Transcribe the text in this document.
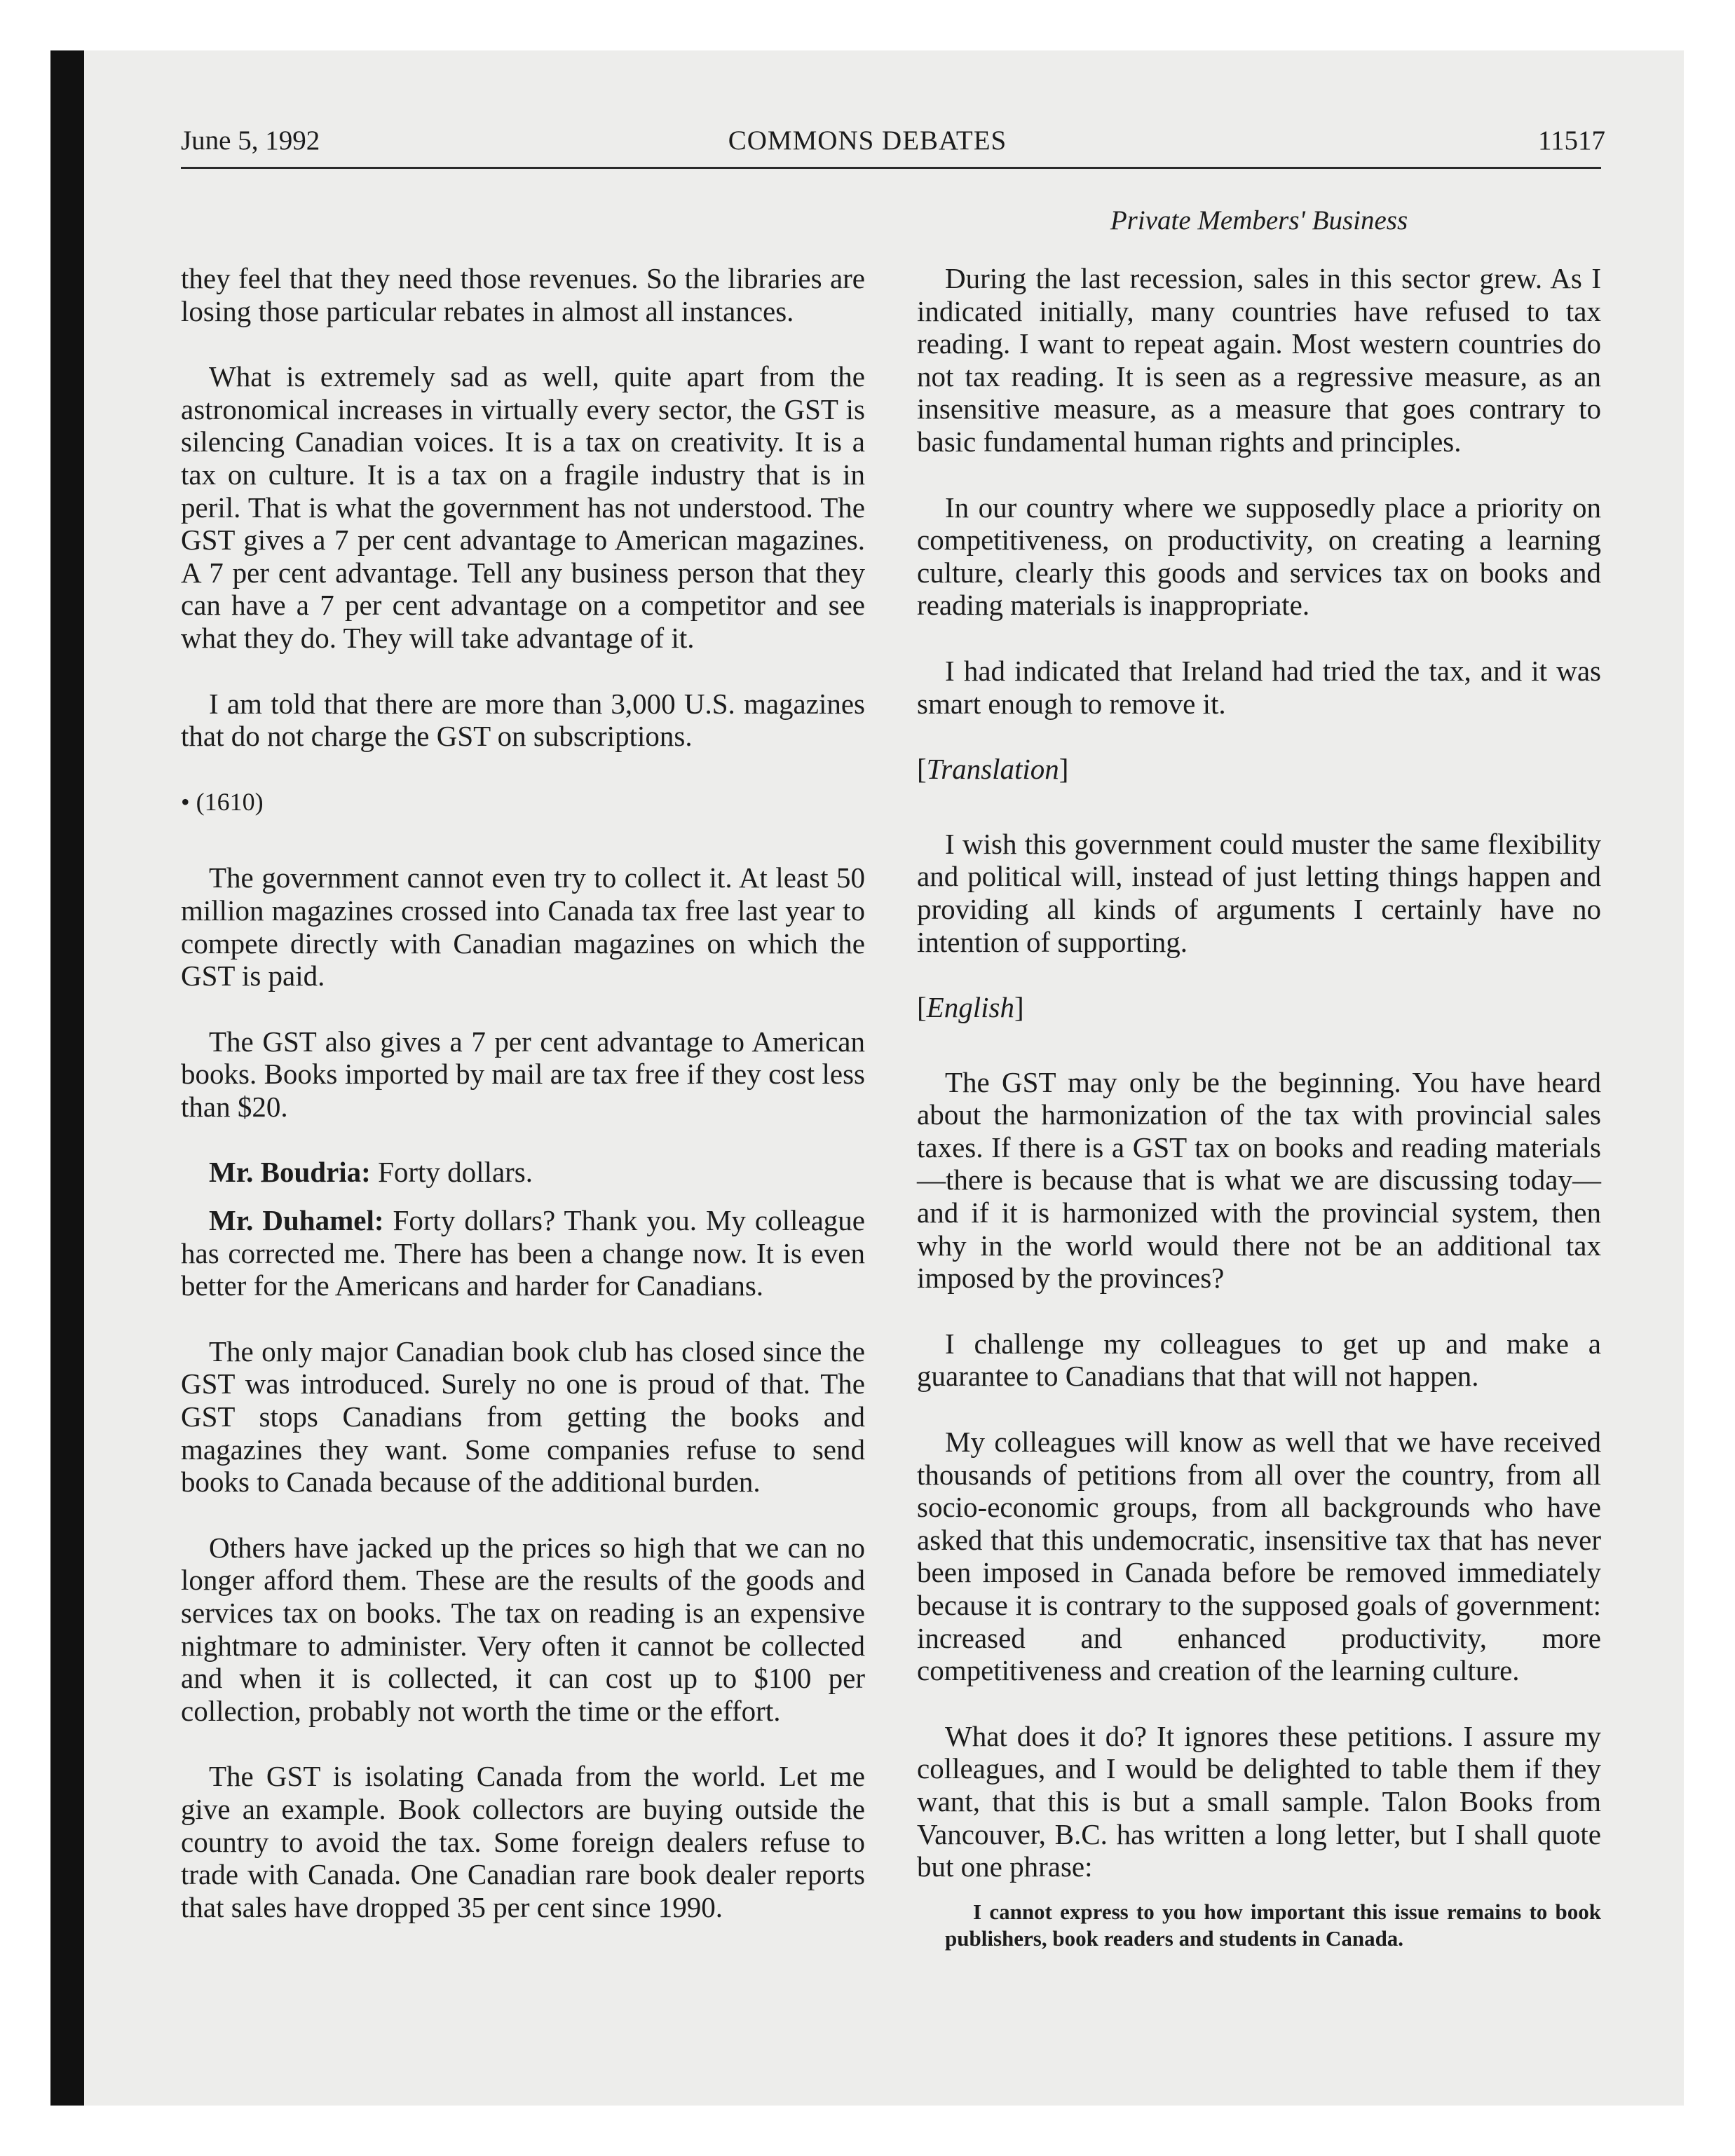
June 5, 1992	COMMONS DEBATES	11517
Private Members' Business

they feel that they need those revenues. So the libraries are losing those particular rebates in almost all instances.

What is extremely sad as well, quite apart from the astronomical increases in virtually every sector, the GST is silencing Canadian voices. It is a tax on creativity. It is a tax on culture. It is a tax on a fragile industry that is in peril. That is what the government has not understood. The GST gives a 7 per cent advantage to American magazines. A 7 per cent advantage. Tell any business person that they can have a 7 per cent advantage on a competitor and see what they do. They will take advantage of it.

I am told that there are more than 3,000 U.S. magazines that do not charge the GST on subscriptions.

• (1610)

The government cannot even try to collect it. At least 50 million magazines crossed into Canada tax free last year to compete directly with Canadian magazines on which the GST is paid.

The GST also gives a 7 per cent advantage to American books. Books imported by mail are tax free if they cost less than $20.

Mr. Boudria: Forty dollars.

Mr. Duhamel: Forty dollars? Thank you. My colleague has corrected me. There has been a change now. It is even better for the Americans and harder for Canadians.

The only major Canadian book club has closed since the GST was introduced. Surely no one is proud of that. The GST stops Canadians from getting the books and magazines they want. Some companies refuse to send books to Canada because of the additional burden.

Others have jacked up the prices so high that we can no longer afford them. These are the results of the goods and services tax on books. The tax on reading is an expensive nightmare to administer. Very often it cannot be collected and when it is collected, it can cost up to $100 per collection, probably not worth the time or the effort.

The GST is isolating Canada from the world. Let me give an example. Book collectors are buying outside the country to avoid the tax. Some foreign dealers refuse to trade with Canada. One Canadian rare book dealer reports that sales have dropped 35 per cent since 1990.

During the last recession, sales in this sector grew. As I indicated initially, many countries have refused to tax reading. I want to repeat again. Most western countries do not tax reading. It is seen as a regressive measure, as an insensitive measure, as a measure that goes contrary to basic fundamental human rights and principles.

In our country where we supposedly place a priority on competitiveness, on productivity, on creating a learning culture, clearly this goods and services tax on books and reading materials is inappropriate.

I had indicated that Ireland had tried the tax, and it was smart enough to remove it.

[Translation]

I wish this government could muster the same flexibility and political will, instead of just letting things happen and providing all kinds of arguments I certainly have no intention of supporting.

[English]

The GST may only be the beginning. You have heard about the harmonization of the tax with provincial sales taxes. If there is a GST tax on books and reading materials—there is because that is what we are discussing today—and if it is harmonized with the provincial system, then why in the world would there not be an additional tax imposed by the provinces?

I challenge my colleagues to get up and make a guarantee to Canadians that that will not happen.

My colleagues will know as well that we have received thousands of petitions from all over the country, from all socio-economic groups, from all backgrounds who have asked that this undemocratic, insensitive tax that has never been imposed in Canada before be removed immediately because it is contrary to the supposed goals of government: increased and enhanced productivity, more competitiveness and creation of the learning culture.

What does it do? It ignores these petitions. I assure my colleagues, and I would be delighted to table them if they want, that this is but a small sample. Talon Books from Vancouver, B.C. has written a long letter, but I shall quote but one phrase:

I cannot express to you how important this issue remains to book publishers, book readers and students in Canada.
